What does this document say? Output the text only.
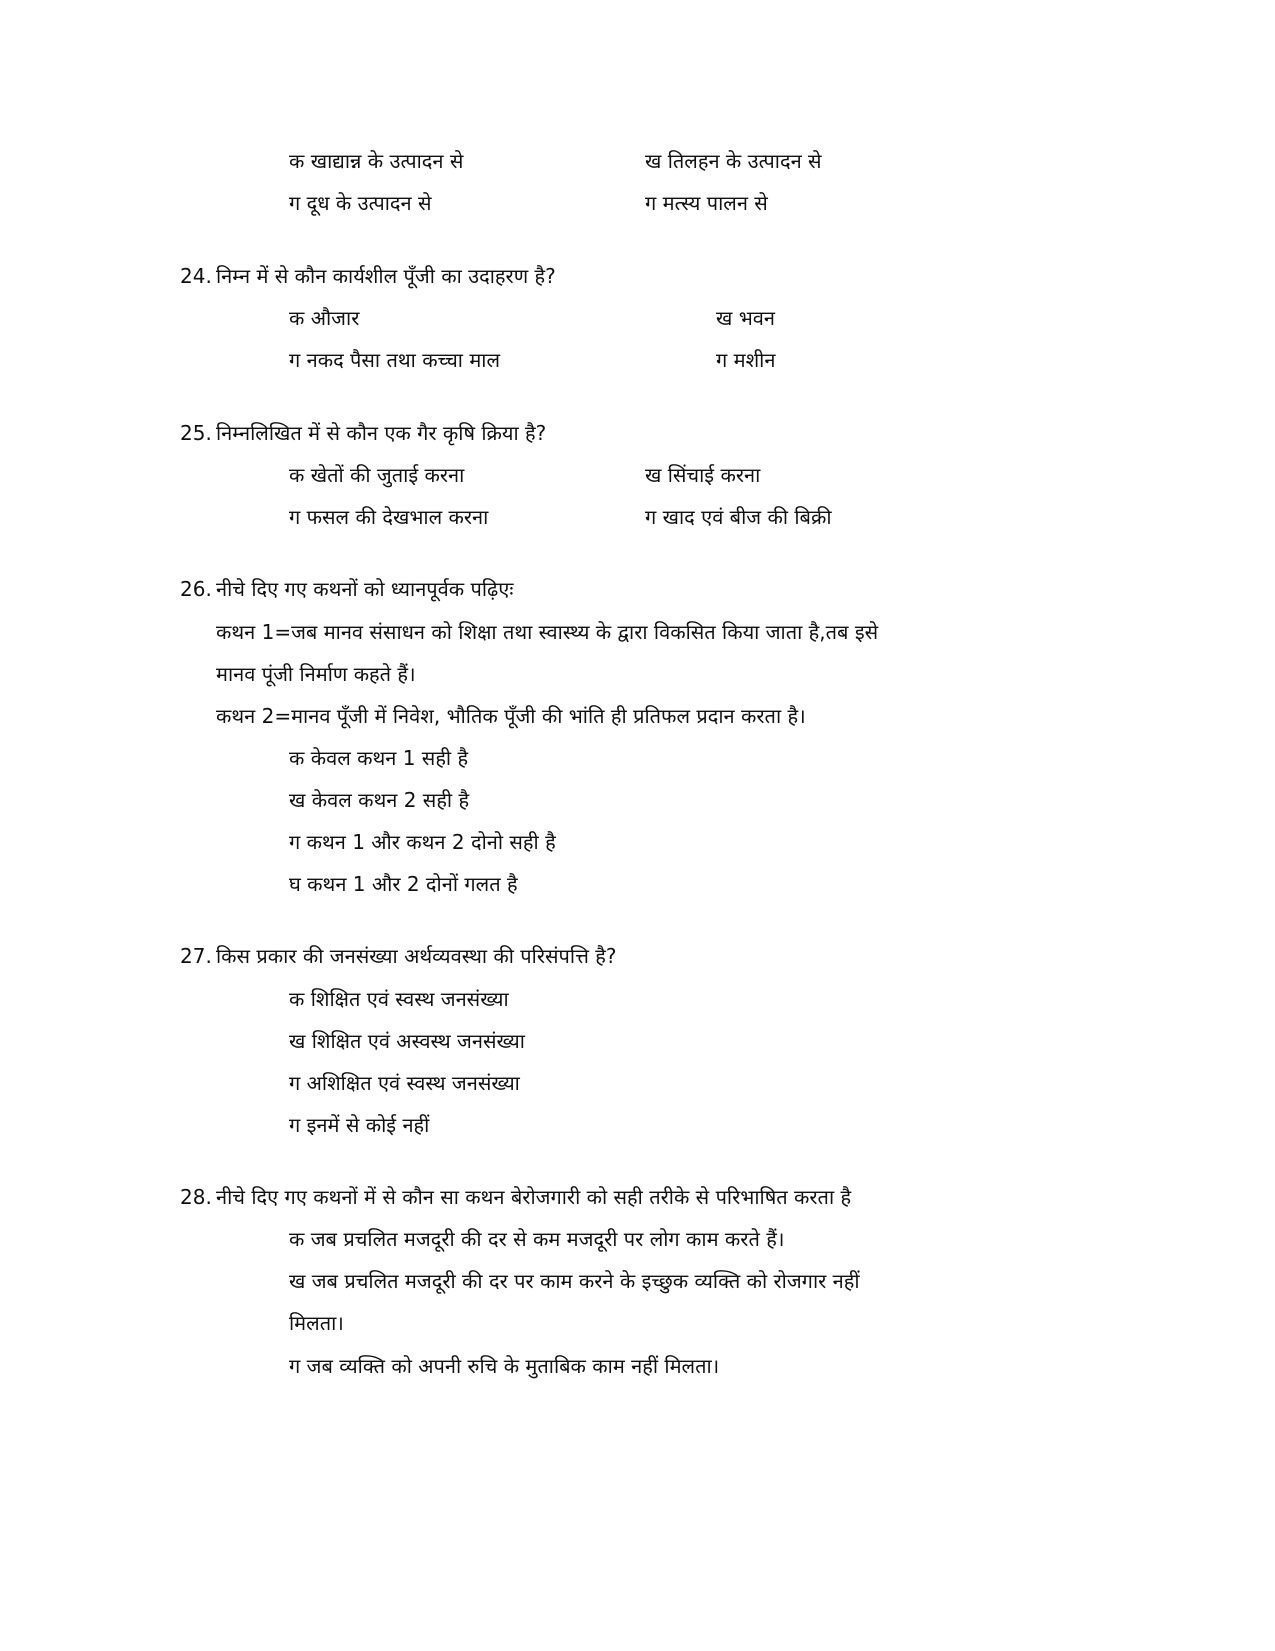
क खाद्यान्न के उत्पादन से	ख तिलहन के उत्पादन से

ग दूध के उत्पादन से	ग मत्स्य पालन से

24. निम्न में से कौन कार्यशील पूँजी का उदाहरण है?

क औजार	ख भवन

ग नकद पैसा तथा कच्चा माल	ग मशीन

25. निम्नलिखित में से कौन एक गैर कृषि क्रिया है?

क खेतों की जुताई करना	ख सिंचाई करना

ग फसल की देखभाल करना	ग खाद एवं बीज की बिक्री

26. नीचे दिए गए कथनों को ध्यानपूर्वक पढ़िएः

कथन 1=जब मानव संसाधन को शिक्षा तथा स्वास्थ्य के द्वारा विकसित किया जाता है,तब इसे

मानव पूंजी निर्माण कहते हैं।

कथन 2=मानव पूँजी में निवेश, भौतिक पूँजी की भांति ही प्रतिफल प्रदान करता है।

क केवल कथन 1 सही है

ख केवल कथन 2 सही है

ग कथन 1 और कथन 2 दोनो सही है

घ कथन 1 और 2 दोनों गलत है

27. किस प्रकार की जनसंख्या अर्थव्यवस्था की परिसंपत्ति है?

क शिक्षित एवं स्वस्थ जनसंख्या

ख शिक्षित एवं अस्वस्थ जनसंख्या

ग अशिक्षित एवं स्वस्थ जनसंख्या

ग इनमें से कोई नहीं

28. नीचे दिए गए कथनों में से कौन सा कथन बेरोजगारी को सही तरीके से परिभाषित करता है

क जब प्रचलित मजदूरी की दर से कम मजदूरी पर लोग काम करते हैं।

ख जब प्रचलित मजदूरी की दर पर काम करने के इच्छुक व्यक्ति को रोजगार नहीं

मिलता।

ग जब व्यक्ति को अपनी रुचि के मुताबिक काम नहीं मिलता।
